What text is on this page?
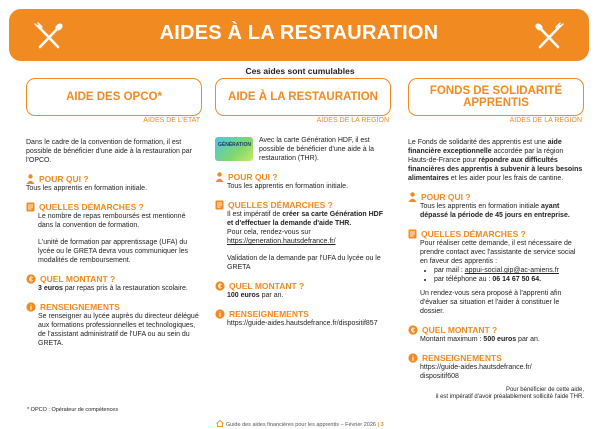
AIDES À LA RESTAURATION
Ces aides sont cumulables
AIDE DES OPCO*
AIDES DE L'ETAT
Dans le cadre de la convention de formation, il est possible de bénéficier d'une aide à la restauration par l'OPCO.
POUR QUI ?
Tous les apprentis en formation initiale.
QUELLES DÉMARCHES ?
Le nombre de repas remboursés est mentionné dans la convention de formation.
L'unité de formation par apprentissage (UFA) du lycée ou le GRETA devra vous communiquer les modalités de remboursement.
€ QUEL MONTANT ?
3 euros par repas pris à la restauration scolaire.
i RENSEIGNEMENTS
Se renseigner au lycée auprès du directeur délégué aux formations professionnelles et technologiques, de l'assistant administratif de l'UFA ou au sein du GRETA.
AIDE À LA RESTAURATION
AIDES DE LA REGION
GÉNÉRATION
Avec la carte Génération HDF, il est possible de bénéficier d'une aide à la restauration (THR).
POUR QUI ?
Tous les apprentis en formation initiale.
QUELLES DÉMARCHES ?
Il est impératif de créer sa carte Génération HDF et d'effectuer la demande d'aide THR.
Pour cela, rendez-vous sur
https://generation.hautsdefrance.fr/
Validation de la demande par l'UFA du lycée ou le GRETA
€ QUEL MONTANT ?
100 euros par an.
i RENSEIGNEMENTS
https://guide-aides.hautsdefrance.fr/dispositif857
FONDS DE SOLIDARITÉ APPRENTIS
AIDES DE LA REGION
Le Fonds de solidarité des apprentis est une aide financière exceptionnelle accordée par la région Hauts-de-France pour répondre aux difficultés financières des apprentis à subvenir à leurs besoins alimentaires et les aider pour les frais de cantine.
POUR QUI ?
Tous les apprentis en formation initiale ayant dépassé la période de 45 jours en entreprise.
QUELLES DÉMARCHES ?
Pour réaliser cette demande, il est nécessaire de prendre contact avec l'assistante de service social en faveur des apprentis :
• par mail : appui-social.gip@ac-amiens.fr
• par téléphone au : 06 14 67 50 64.
Un rendez-vous sera proposé à l'apprenti afin d'évaluer sa situation et l'aider à constituer le dossier.
€ QUEL MONTANT ?
Montant maximum : 500 euros par an.
i RENSEIGNEMENTS
https://guide-aides.hautsdefrance.fr/dispositif608
Pour bénéficier de cette aide,
il est impératif d'avoir préalablement sollicité l'aide THR.
* OPCO : Opérateur de compétences
Guide des aides financières pour les apprentis – Février 2026 | 3
